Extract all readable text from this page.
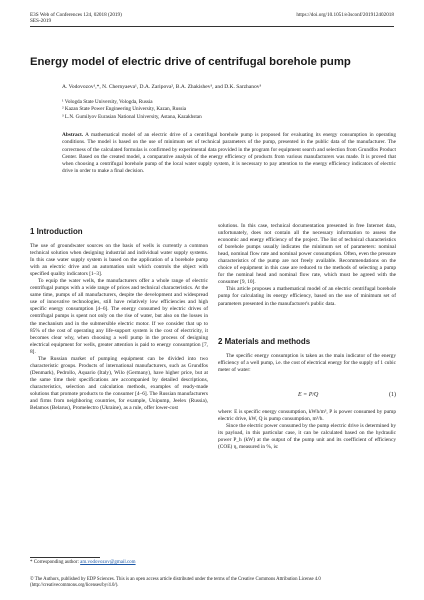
E3S Web of Conferences 124, 02018 (2019)
SES-2019
https://doi.org/10.1051/e3sconf/201912402018
Energy model of electric drive of centrifugal borehole pump
A. Vodovozov¹,*, N. Chernyaeva¹, D.A. Zaripova², B.A. Zhakishev³, and D.K. Sarzhanov³
¹ Vologda State University, Vologda, Russia
² Kazan State Power Engineering University, Kazan, Russia
³ L.N. Gumilyov Eurasian National University, Astana, Kazakhstan
Abstract. A mathematical model of an electric drive of a centrifugal borehole pump is proposed for evaluating its energy consumption in operating conditions. The model is based on the use of minimum set of technical parameters of the pump, presented in the public data of the manufacturer. The correctness of the calculated formulas is confirmed by experimental data provided in the program for equipment search and selection from Grundfos Product Center. Based on the created model, a comparative analysis of the energy efficiency of products from various manufacturers was made. It is proved that when choosing a centrifugal borehole pump of the local water supply system, it is necessary to pay attention to the energy efficiency indicators of electric drive in order to make a final decision.
1 Introduction

The use of groundwater sources on the basis of wells is currently a common technical solution when designing industrial and individual water supply systems. In this case water supply system is based on the application of a borehole pump with an electric drive and an automation unit which controls the object with specified quality indicators [1–3].

To equip the water wells, the manufacturers offer a whole range of electric centrifugal pumps with a wide range of prices and technical characteristics. At the same time, pumps of all manufacturers, despite the development and widespread use of innovative technologies, still have relatively low efficiencies and high specific energy consumption [4–6]. The energy consumed by electric drives of centrifugal pumps is spent not only on the rise of water, but also on the losses in the mechanism and in the submersible electric motor. If we consider that up to 85% of the cost of operating any life-support system is the cost of electricity, it becomes clear why, when choosing a well pump in the process of designing electrical equipment for wells, greater attention is paid to energy consumption [7, 8].

The Russian market of pumping equipment can be divided into two characteristic groups. Products of international manufacturers, such as Grundfos (Denmark), Pedrollo, Aquario (Italy), Wilo (Germany), have higher price, but at the same time their specifications are accompanied by detailed descriptions, characteristics, selection and calculation methods, examples of ready-made solutions that promote products to the consumer [4–6]. The Russian manufacturers and firms from neighboring countries, for example, Unipump, Jeelex (Russia), Belamos (Belarus), Promelectro (Ukraine), as a rule, offer lower-cost

solutions. In this case, technical documentation presented in free Internet data, unfortunately, does not contain all the necessary information to assess the economic and energy efficiency of the project. The list of technical characteristics of borehole pumps usually indicates the minimum set of parameters: nominal head, nominal flow rate and nominal power consumption. Often, even the pressure characteristics of the pump are not freely available. Recommendations on the choice of equipment in this case are reduced to the methods of selecting a pump for the nominal head and nominal flow rate, which must be agreed with the consumer [9, 10].

This article proposes a mathematical model of an electric centrifugal borehole pump for calculating its energy efficiency, based on the use of minimum set of parameters presented in the manufacturer's public data.

2 Materials and methods

The specific energy consumption is taken as the main indicator of the energy efficiency of a well pump, i.e. the cost of electrical energy for the supply of 1 cubic meter of water:

E = P/Q	(1)

where: E is specific energy consumption, kWh/m³, P is power consumed by pump electric drive, kW, Q is pump consumption, m³/h.

Since the electric power consumed by the pump electric drive is determined by its payload, in this particular case, it can be calculated based on the hydraulic power P_h (kW) at the output of the pump unit and its coefficient of efficiency (COE) η, measured in %, is:

* Corresponding author: am.vodovozov@gmail.com
© The Authors, published by EDP Sciences. This is an open access article distributed under the terms of the Creative Commons Attribution License 4.0 (http://creativecommons.org/licenses/by/4.0/).
